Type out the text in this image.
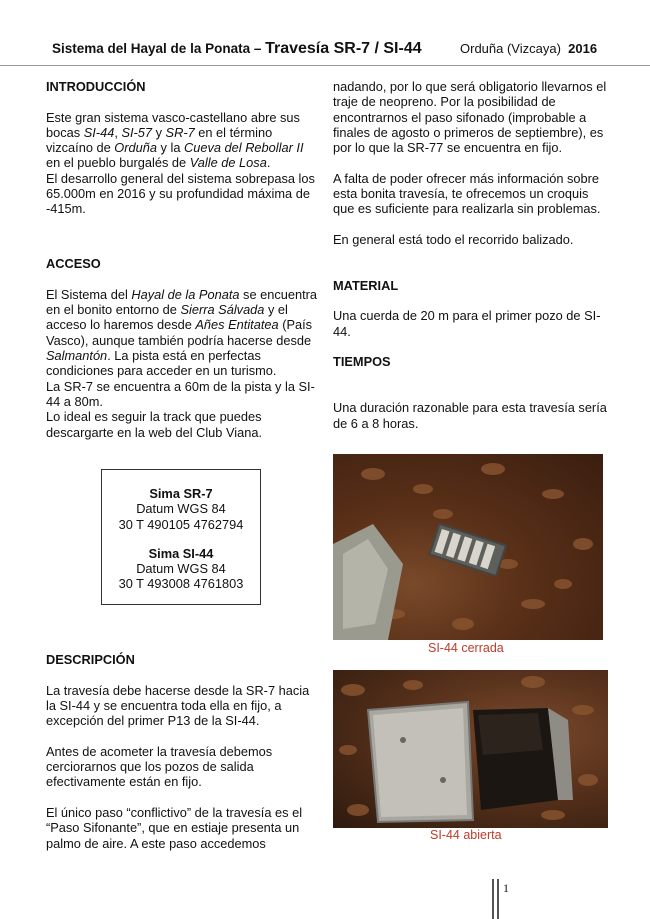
Sistema del Hayal de la Ponata – Travesía SR-7 / SI-44	Orduña (Vizcaya) 2016

INTRODUCCIÓN

Este gran sistema vasco-castellano abre sus bocas SI-44, SI-57 y SR-7 en el término vizcaíno de Orduña y la Cueva del Rebollar II en el pueblo burgalés de Valle de Losa.

El desarrollo general del sistema sobrepasa los 65.000m en 2016 y su profundidad máxima de -415m.

ACCESO

El Sistema del Hayal de la Ponata se encuentra en el bonito entorno de Sierra Sálvada y el acceso lo haremos desde Añes Entitatea (País Vasco), aunque también podría hacerse desde Salmantón. La pista está en perfectas condiciones para acceder en un turismo.

La SR-7 se encuentra a 60m de la pista y la SI-44 a 80m.

Lo ideal es seguir la track que puedes descargarte en la web del Club Viana.

Sima SR-7
Datum WGS 84
30 T 490105 4762794
Sima SI-44
Datum WGS 84
30 T 493008 4761803

DESCRIPCIÓN

La travesía debe hacerse desde la SR-7 hacia la SI-44 y se encuentra toda ella en fijo, a excepción del primer P13 de la SI-44.

Antes de acometer la travesía debemos cerciorarnos que los pozos de salida efectivamente están en fijo.

El único paso “conflictivo” de la travesía es el “Paso Sifonante”, que en estiaje presenta un palmo de aire. A este paso accedemos

nadando, por lo que será obligatorio llevarnos el traje de neopreno. Por la posibilidad de encontrarnos el paso sifonado (improbable a finales de agosto o primeros de septiembre), es por lo que la SR-77 se encuentra en fijo.

A falta de poder ofrecer más información sobre esta bonita travesía, te ofrecemos un croquis que es suficiente para realizarla sin problemas.

En general está todo el recorrido balizado.

MATERIAL

Una cuerda de 20 m para el primer pozo de SI-44.

TIEMPOS

Una duración razonable para esta travesía sería de 6 a 8 horas.

SI-44 cerrada
SI-44 abierta
1
